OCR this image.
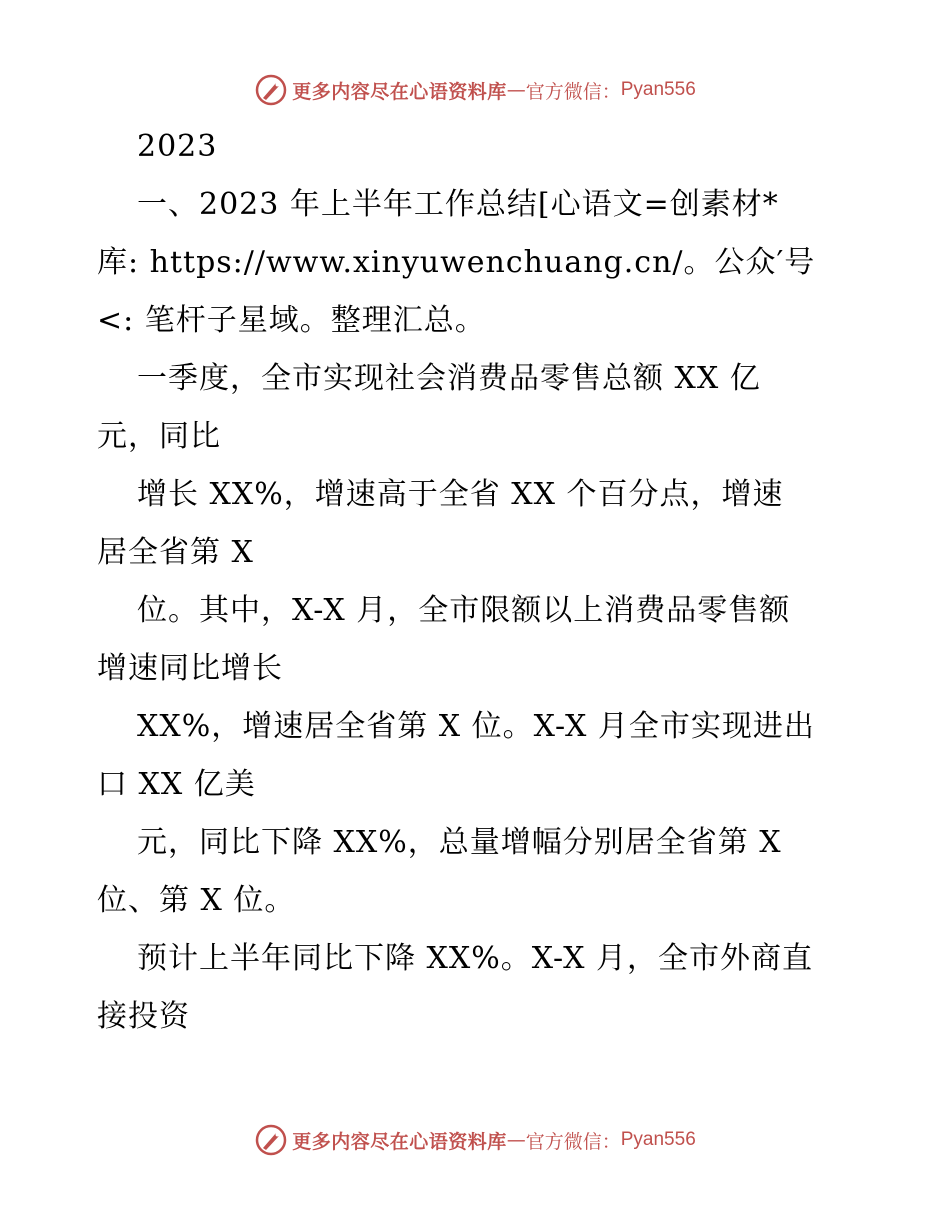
更多内容尽在心语资料库 — 官方微信： Pyan556
2023
一、2023 年上半年工作总结[心语文=创素材*
库: https://www.xinyuwenchuang.cn/。公众′号
<: 笔杆子星域。整理汇总。
一季度，全市实现社会消费品零售总额 XX 亿
元，同比
增长 XX%，增速高于全省 XX 个百分点，增速
居全省第 X
位。其中，X-X 月，全市限额以上消费品零售额
增速同比增长
XX%，增速居全省第 X 位。X-X 月全市实现进出
口 XX 亿美
元，同比下降 XX%，总量增幅分别居全省第 X
位、第 X 位。
预计上半年同比下降 XX%。X-X 月，全市外商直
接投资
更多内容尽在心语资料库 — 官方微信： Pyan556
